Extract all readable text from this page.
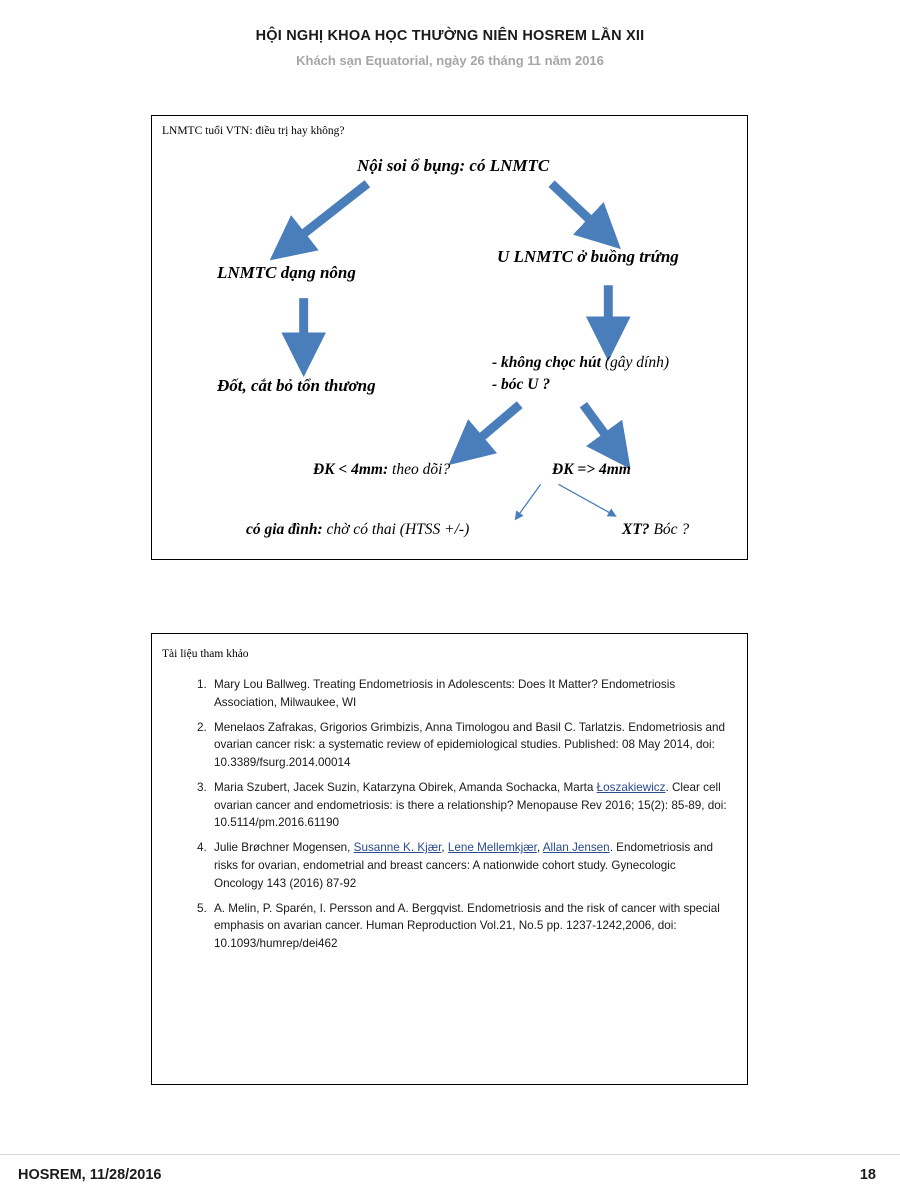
HỘI NGHỊ KHOA HỌC THƯỜNG NIÊN HOSREM LẦN XII
Khách sạn Equatorial, ngày 26 tháng 11 năm 2016
LNMTC tuổi VTN: điều trị hay không?
Nội soi ổ bụng: có LNMTC
LNMTC dạng nông
U LNMTC ở buồng trứng
Đốt, cắt bỏ tổn thương
- không chọc hút (gây dính)
- bóc U ?
ĐK < 4mm: theo dõi?	ĐK => 4mm
có gia đình: chờ có thai (HTSS +/-)	XT? Bóc ?
Tài liệu tham khảo
1. Mary Lou Ballweg. Treating Endometriosis in Adolescents: Does It Matter? Endometriosis Association, Milwaukee, WI
2. Menelaos Zafrakas, Grigorios Grimbizis, Anna Timologou and Basil C. Tarlatzis. Endometriosis and ovarian cancer risk: a systematic review of epidemiological studies. Published: 08 May 2014, doi: 10.3389/fsurg.2014.00014
3. Maria Szubert, Jacek Suzin, Katarzyna Obirek, Amanda Sochacka, Marta Łoszakiewicz. Clear cell ovarian cancer and endometriosis: is there a relationship? Menopause Rev 2016; 15(2): 85-89, doi: 10.5114/pm.2016.61190
4. Julie Brøchner Mogensen, Susanne K. Kjær, Lene Mellemkjær, Allan Jensen. Endometriosis and risks for ovarian, endometrial and breast cancers: A nationwide cohort study. Gynecologic Oncology 143 (2016) 87-92
5. A. Melin, P. Sparén, I. Persson and A. Bergqvist. Endometriosis and the risk of cancer with special emphasis on avarian cancer. Human Reproduction Vol.21, No.5 pp. 1237-1242,2006, doi: 10.1093/humrep/dei462
HOSREM, 11/28/2016	18
